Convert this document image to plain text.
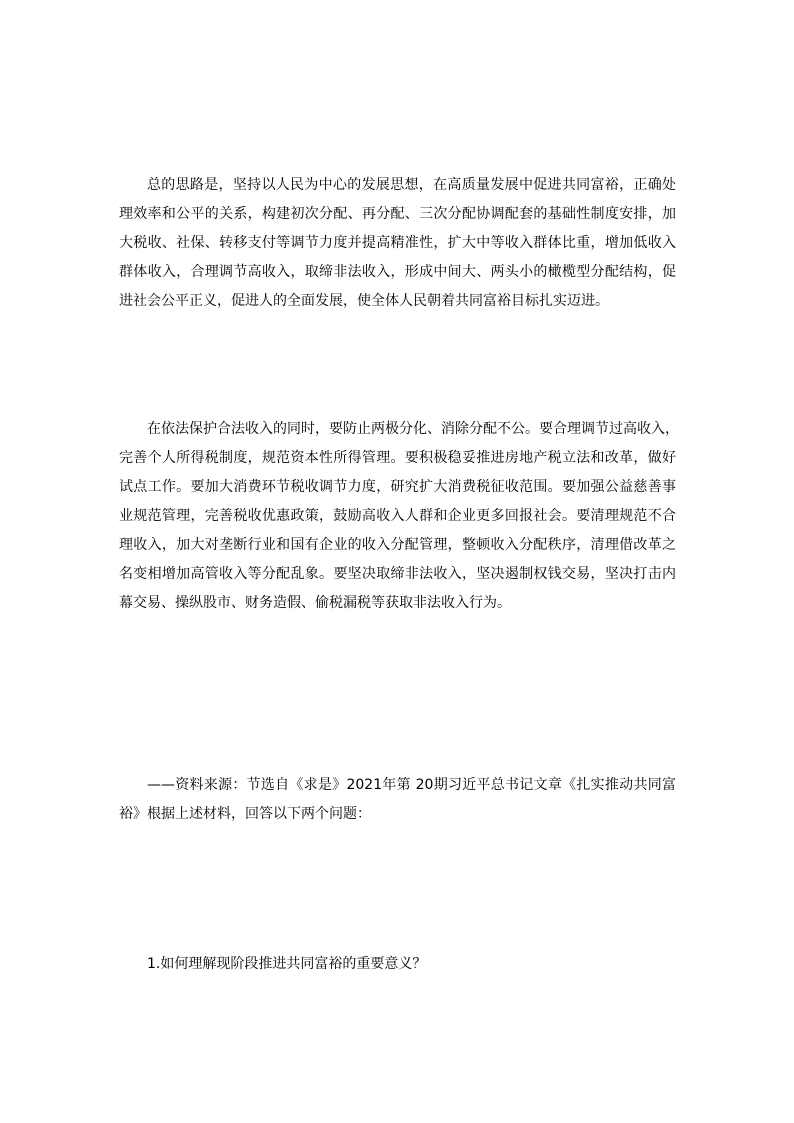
总的思路是，坚持以人民为中心的发展思想，在高质量发展中促进共同富裕，正确处
理效率和公平的关系，构建初次分配、再分配、三次分配协调配套的基础性制度安排，加
大税收、社保、转移支付等调节力度并提高精准性，扩大中等收入群体比重，增加低收入
群体收入，合理调节高收入，取缔非法收入，形成中间大、两头小的橄榄型分配结构，促
进社会公平正义，促进人的全面发展，使全体人民朝着共同富裕目标扎实迈进。
在依法保护合法收入的同时，要防止两极分化、消除分配不公。要合理调节过高收入，
完善个人所得税制度，规范资本性所得管理。要积极稳妥推进房地产税立法和改革，做好
试点工作。要加大消费环节税收调节力度，研究扩大消费税征收范围。要加强公益慈善事
业规范管理，完善税收优惠政策，鼓励高收入人群和企业更多回报社会。要清理规范不合
理收入，加大对垄断行业和国有企业的收入分配管理，整顿收入分配秩序，清理借改革之
名变相增加高管收入等分配乱象。要坚决取缔非法收入，坚决遏制权钱交易，坚决打击内
幕交易、操纵股市、财务造假、偷税漏税等获取非法收入行为。
——资料来源：节选自《求是》2021年第 20期习近平总书记文章《扎实推动共同富
裕》根据上述材料，回答以下两个问题：
1.如何理解现阶段推进共同富裕的重要意义？
